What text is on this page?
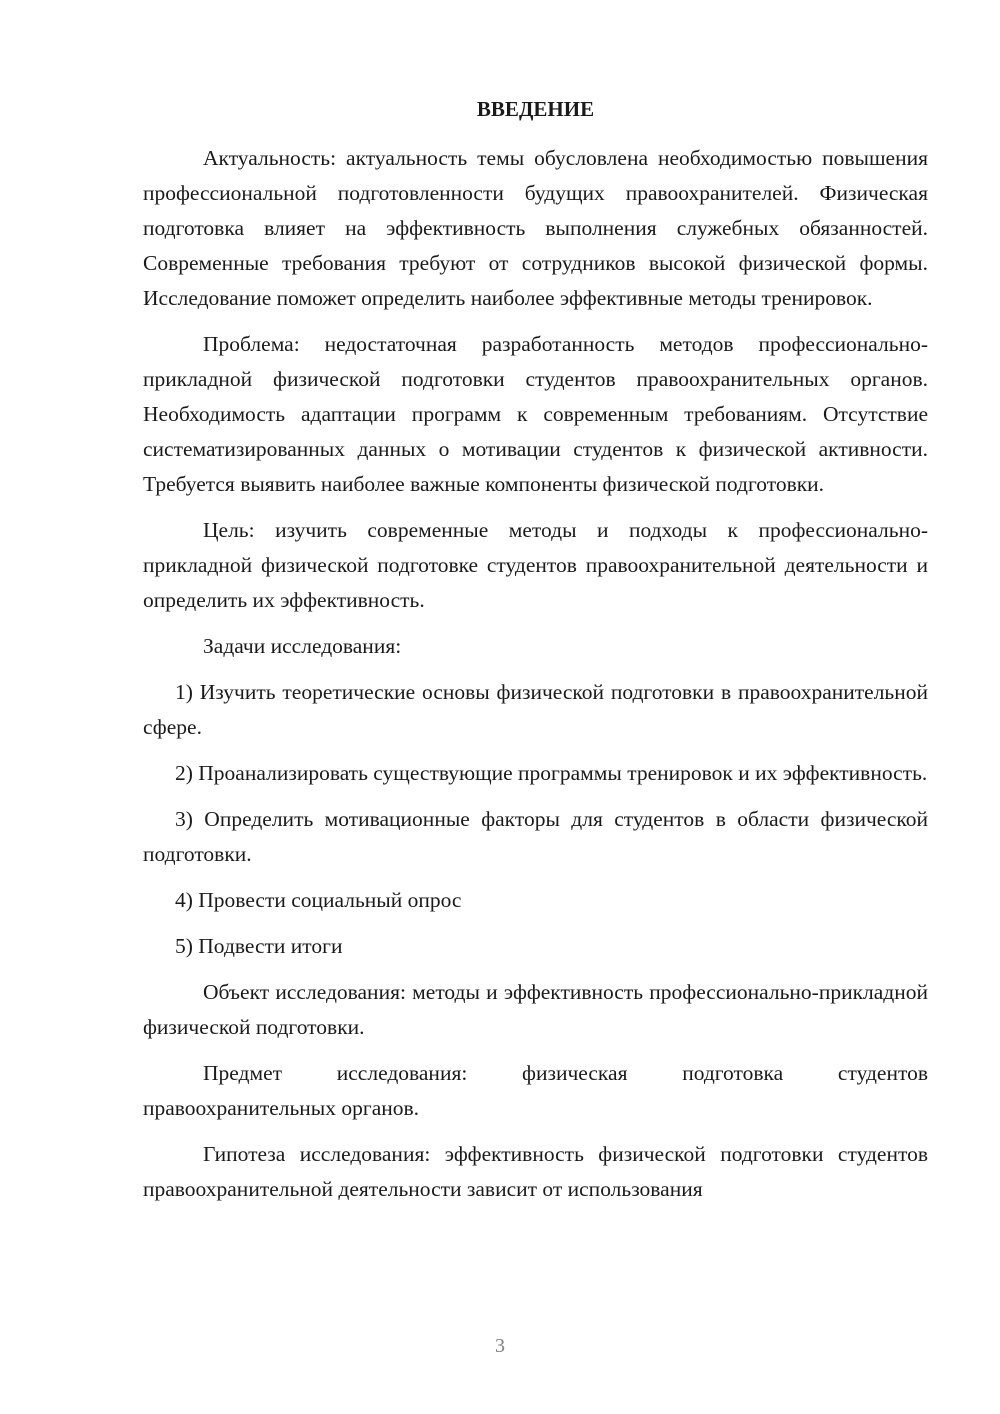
ВВЕДЕНИЕ

Актуальность: актуальность темы обусловлена необходимостью повышения профессиональной подготовленности будущих правоохранителей. Физическая подготовка влияет на эффективность выполнения служебных обязанностей. Современные требования требуют от сотрудников высокой физической формы. Исследование поможет определить наиболее эффективные методы тренировок.

Проблема: недостаточная разработанность методов профессионально-прикладной физической подготовки студентов правоохранительных органов. Необходимость адаптации программ к современным требованиям. Отсутствие систематизированных данных о мотивации студентов к физической активности. Требуется выявить наиболее важные компоненты физической подготовки.

Цель: изучить современные методы и подходы к профессионально-прикладной физической подготовке студентов правоохранительной деятельности и определить их эффективность.

Задачи исследования:

1) Изучить теоретические основы физической подготовки в правоохранительной сфере.

2) Проанализировать существующие программы тренировок и их эффективность.

3) Определить мотивационные факторы для студентов в области физической подготовки.

4) Провести социальный опрос

5) Подвести итоги

Объект исследования: методы и эффективность профессионально-прикладной физической подготовки.

Предмет исследования: физическая подготовка студентов правоохранительных органов.

Гипотеза исследования: эффективность физической подготовки студентов правоохранительной деятельности зависит от использования

3
